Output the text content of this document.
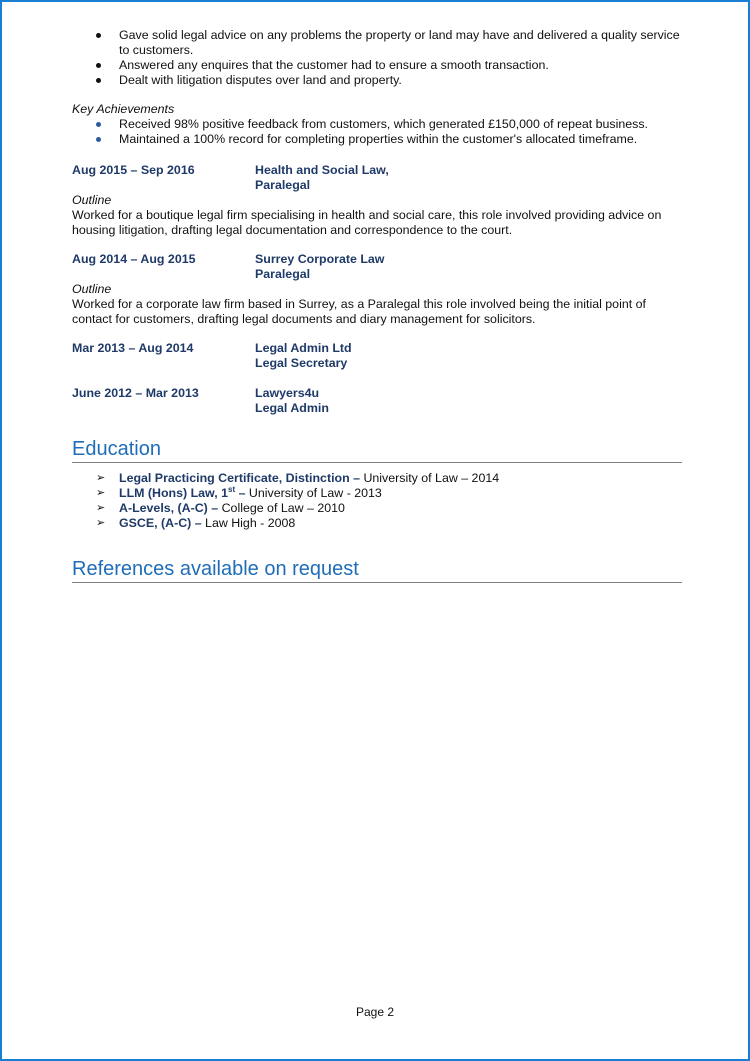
Gave solid legal advice on any problems the property or land may have and delivered a quality service to customers.
Answered any enquires that the customer had to ensure a smooth transaction.
Dealt with litigation disputes over land and property.
Key Achievements
Received 98% positive feedback from customers, which generated £150,000 of repeat business.
Maintained a 100% record for completing properties within the customer's allocated timeframe.
Aug 2015 – Sep 2016	Health and Social Law,
Paralegal
Outline
Worked for a boutique legal firm specialising in health and social care, this role involved providing advice on housing litigation, drafting legal documentation and correspondence to the court.
Aug 2014 – Aug 2015	Surrey Corporate Law
Paralegal
Outline
Worked for a corporate law firm based in Surrey, as a Paralegal this role involved being the initial point of contact for customers, drafting legal documents and diary management for solicitors.
Mar 2013 – Aug 2014	Legal Admin Ltd
Legal Secretary
June 2012 – Mar 2013	Lawyers4u
Legal Admin
Education
➢ Legal Practicing Certificate, Distinction – University of Law – 2014
➢ LLM (Hons) Law, 1st – University of Law - 2013
➢ A-Levels, (A-C) – College of Law – 2010
➢ GSCE, (A-C) – Law High - 2008
References available on request
Page 2
